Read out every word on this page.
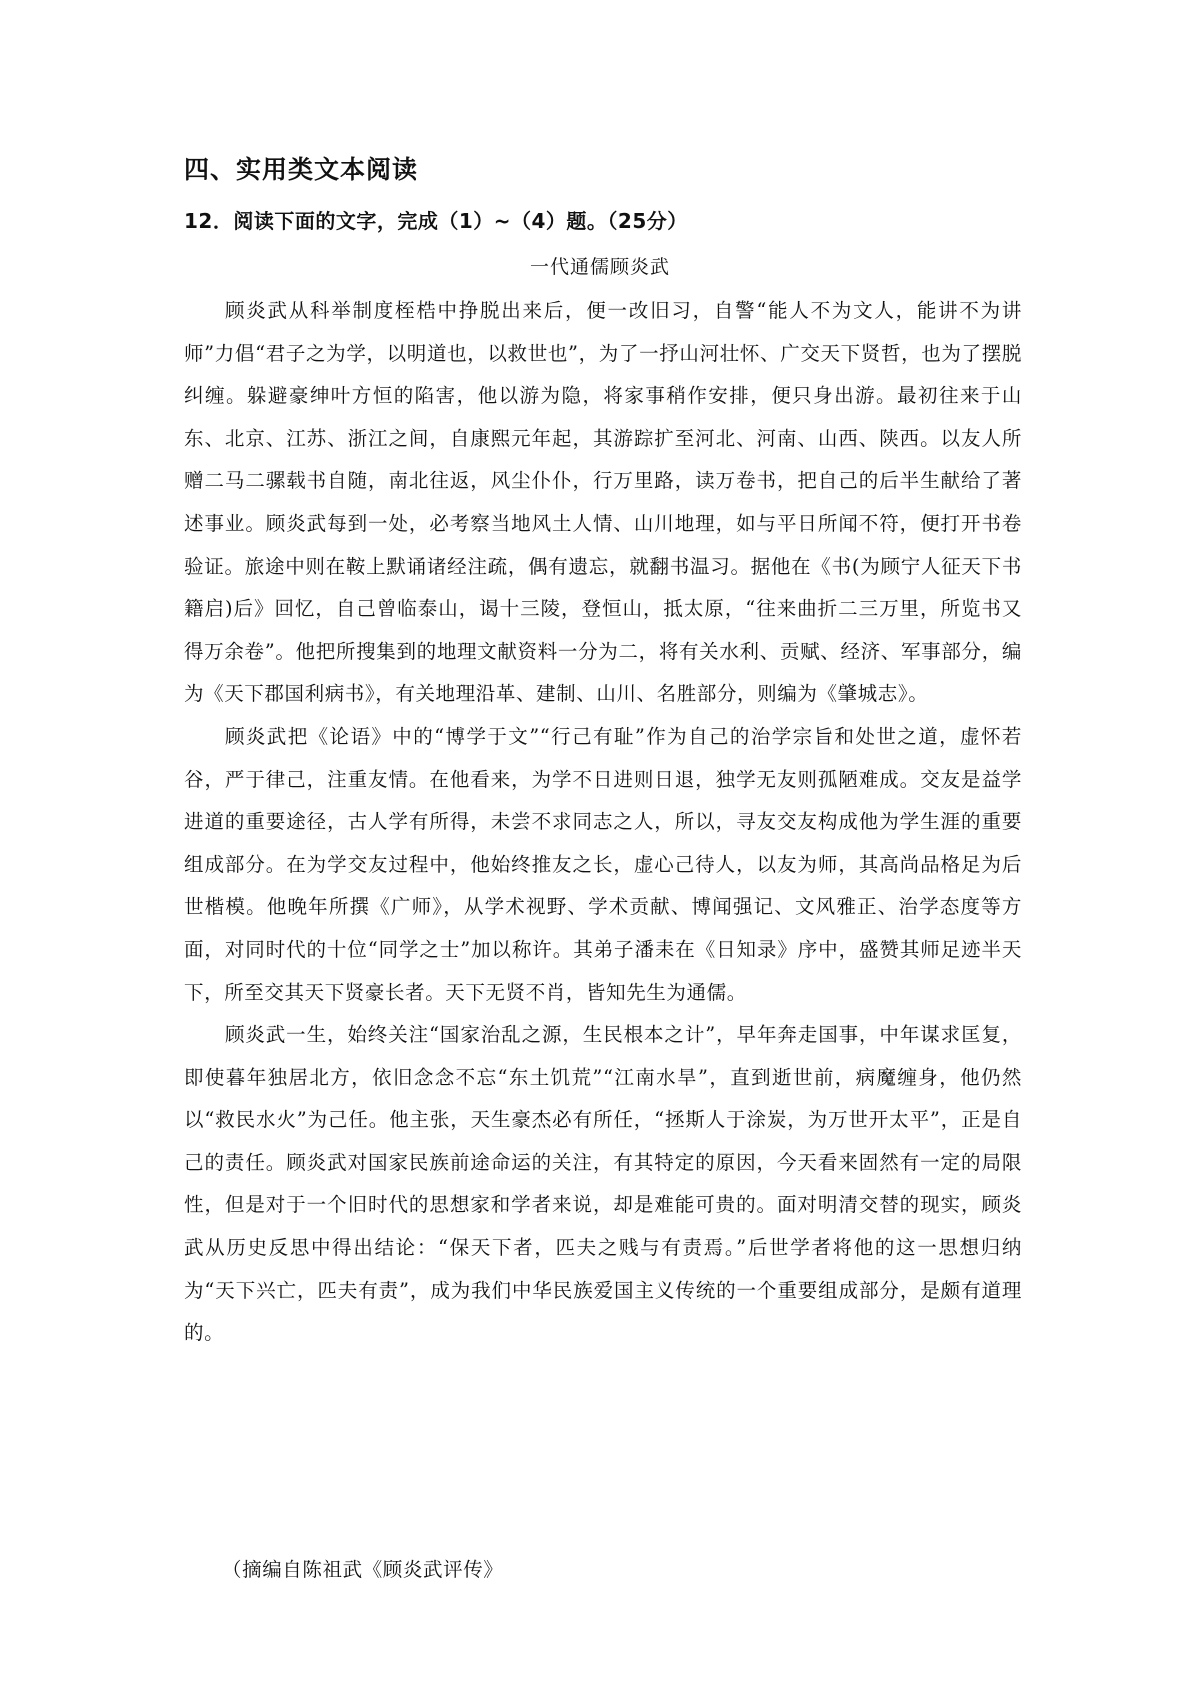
四、实用类文本阅读
12．阅读下面的文字，完成（1）~（4）题。（25分）
一代通儒顾炎武

顾炎武从科举制度桎梏中挣脱出来后，便一改旧习，自警“能人不为文人，能讲不为讲师”力倡“君子之为学，以明道也，以救世也”，为了一抒山河壮怀、广交天下贤哲，也为了摆脱纠缠。躲避豪绅叶方恒的陷害，他以游为隐，将家事稍作安排，便只身出游。最初往来于山东、北京、江苏、浙江之间，自康熙元年起，其游踪扩至河北、河南、山西、陕西。以友人所赠二马二骡载书自随，南北往返，风尘仆仆，行万里路，读万卷书，把自己的后半生献给了著述事业。顾炎武每到一处，必考察当地风土人情、山川地理，如与平日所闻不符，便打开书卷验证。旅途中则在鞍上默诵诸经注疏，偶有遗忘，就翻书温习。据他在《书(为顾宁人征天下书籍启)后》回忆，自己曾临泰山，谒十三陵，登恒山，抵太原，“往来曲折二三万里，所览书又得万余卷”。他把所搜集到的地理文献资料一分为二，将有关水利、贡赋、经济、军事部分，编为《天下郡国利病书》，有关地理沿革、建制、山川、名胜部分，则编为《肇城志》。

顾炎武把《论语》中的“博学于文”“行己有耻”作为自己的治学宗旨和处世之道，虚怀若谷，严于律己，注重友情。在他看来，为学不日进则日退，独学无友则孤陋难成。交友是益学进道的重要途径，古人学有所得，未尝不求同志之人，所以，寻友交友构成他为学生涯的重要组成部分。在为学交友过程中，他始终推友之长，虚心己待人，以友为师，其高尚品格足为后世楷模。他晚年所撰《广师》，从学术视野、学术贡献、博闻强记、文风雅正、治学态度等方面，对同时代的十位“同学之士”加以称许。其弟子潘耒在《日知录》序中，盛赞其师足迹半天下，所至交其天下贤豪长者。天下无贤不肖，皆知先生为通儒。

顾炎武一生，始终关注“国家治乱之源，生民根本之计”，早年奔走国事，中年谋求匡复，即使暮年独居北方，依旧念念不忘“东土饥荒”“江南水旱”，直到逝世前，病魔缠身，他仍然以“救民水火”为己任。他主张，天生豪杰必有所任，“拯斯人于涂炭，为万世开太平”，正是自己的责任。顾炎武对国家民族前途命运的关注，有其特定的原因，今天看来固然有一定的局限性，但是对于一个旧时代的思想家和学者来说，却是难能可贵的。面对明清交替的现实，顾炎武从历史反思中得出结论：“保天下者，匹夫之贱与有责焉。”后世学者将他的这一思想归纳为“天下兴亡，匹夫有责”，成为我们中华民族爱国主义传统的一个重要组成部分，是颇有道理的。

（摘编自陈祖武《顾炎武评传》
